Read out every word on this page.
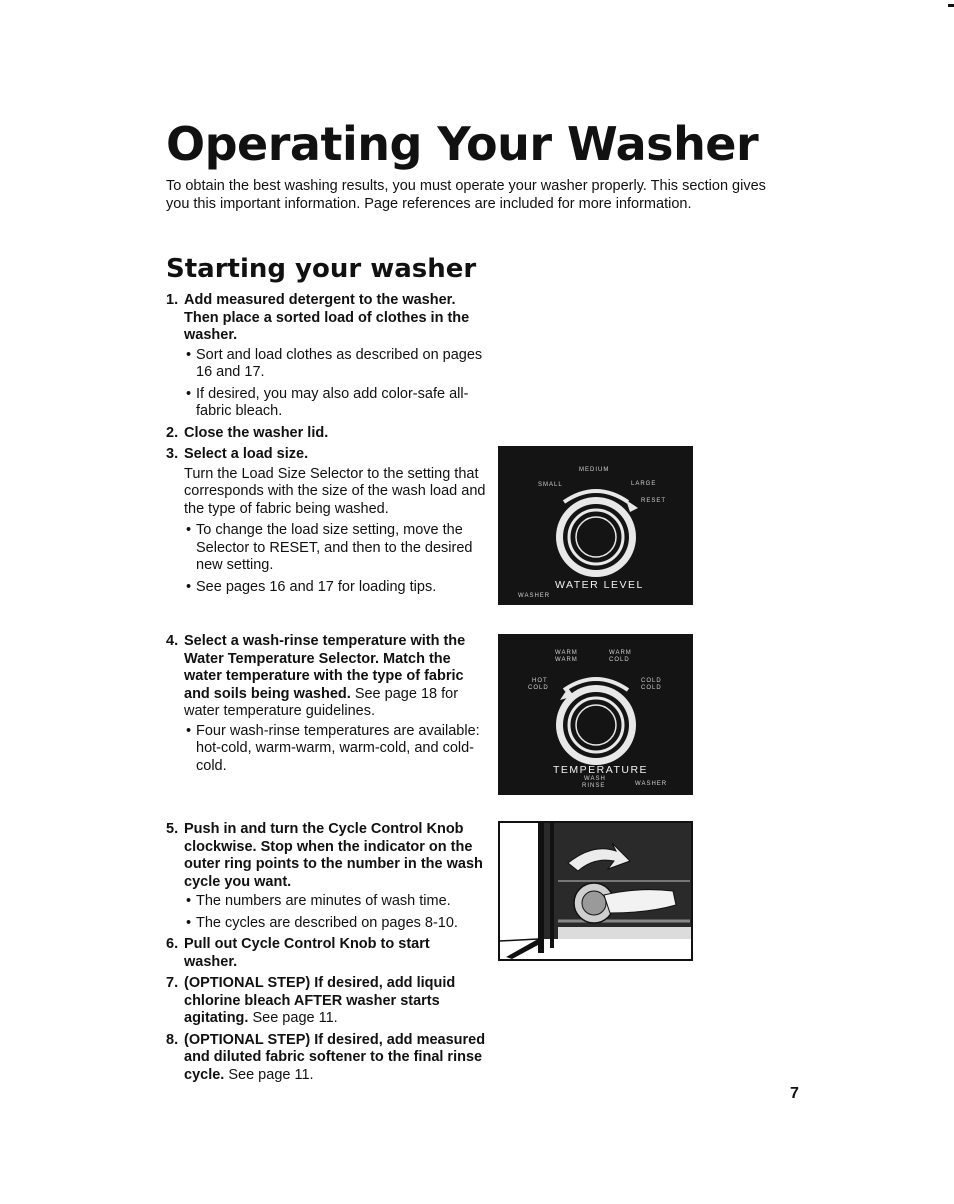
Operating Your Washer

To obtain the best washing results, you must operate your washer properly. This section gives you this important information. Page references are included for more information.

Starting your washer
1. Add measured detergent to the washer. Then place a sorted load of clothes in the washer.
• Sort and load clothes as described on pages 16 and 17.
• If desired, you may also add color-safe all-fabric bleach.
2. Close the washer lid.
3. Select a load size.
Turn the Load Size Selector to the setting that corresponds with the size of the wash load and the type of fabric being washed.
• To change the load size setting, move the Selector to RESET, and then to the desired new setting.
• See pages 16 and 17 for loading tips.
4. Select a wash-rinse temperature with the Water Temperature Selector. Match the water temperature with the type of fabric and soils being washed. See page 18 for water temperature guidelines.
• Four wash-rinse temperatures are available: hot-cold, warm-warm, warm-cold, and cold-cold.
5. Push in and turn the Cycle Control Knob clockwise. Stop when the indicator on the outer ring points to the number in the wash cycle you want.
• The numbers are minutes of wash time.
• The cycles are described on pages 8-10.
6. Pull out Cycle Control Knob to start washer.
7. (OPTIONAL STEP) If desired, add liquid chlorine bleach AFTER washer starts agitating. See page 11.
8. (OPTIONAL STEP) If desired, add measured and diluted fabric softener to the final rinse cycle. See page 11.
MEDIUM
SMALL	LARGE
RESET
WATER LEVEL
WASHER
WARM
WARM
WARM
COLD
HOT
COLD
COLD
COLD
TEMPERATURE
WASH
RINSE	WASHER
7
